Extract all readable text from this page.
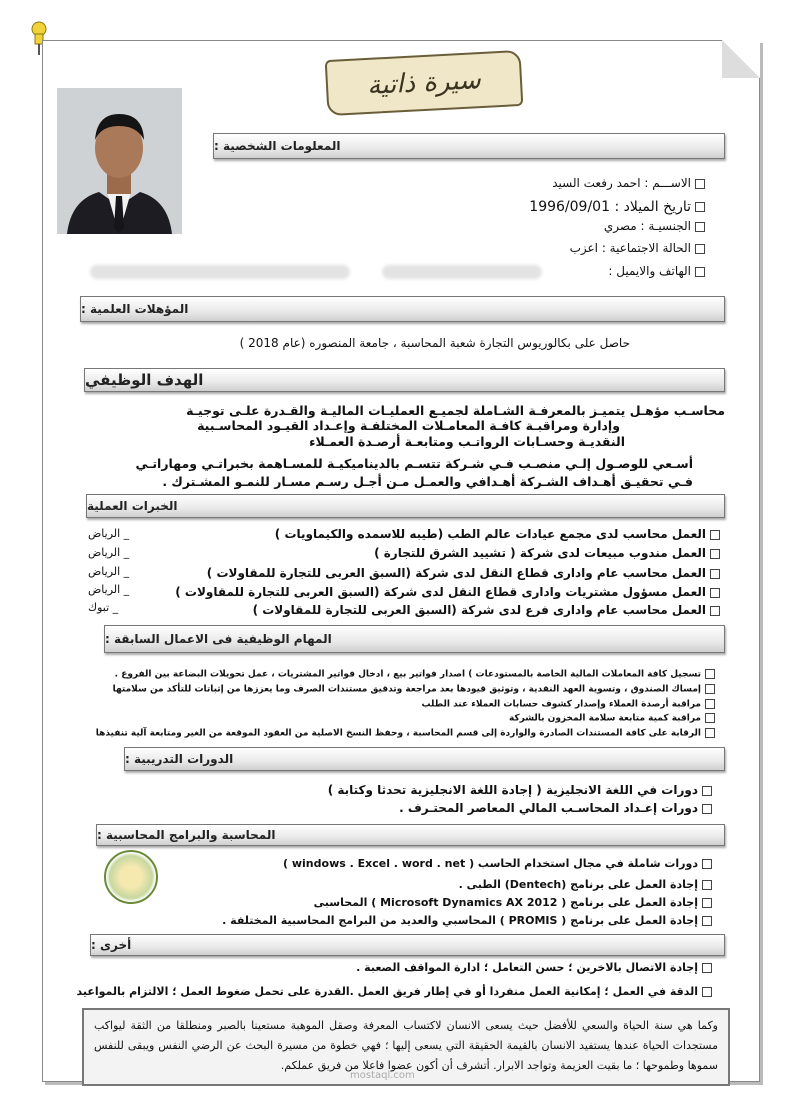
سيرة ذاتية
المعلومات الشخصية :
الاســـم : احمد رفعت السيد
تاريخ الميلاد : 1996/09/01
الجنسيـة : مصري
الحالة الاجتماعية : اعزب
الهاتف والايميل :
المؤهلات العلمية :
حاصل على بكالوريوس التجارة شعبة المحاسبة ، جامعة المنصوره (عام 2018 )
الهدف الوظيفي
محاسـب مؤهـل يتميـز بالمعرفـة الشـاملة لجميـع العمليـات الماليـة والقـدرة علـى توجيـة
وإدارة ومراقبـة كافـة المعامـلات المختلفـة وإعـداد القيـود المحاسـبية
النقديـة وحسـابات الرواتـب ومتابعـة أرصـدة العمـلاء
أسـعي للوصـول إلـي منصـب فـي شـركة تتسـم بالديناميكيـة للمسـاهمة بخبراتـي ومهاراتـي
فـي تحقيـق أهـداف الشـركة أهـدافي والعمـل مـن أجـل رسـم مسـار للنمـو المشـترك .
الخبرات العملية
العمل محاسب لدى مجمع عيادات عالم الطب (طيبه للاسمده والكيماويات )
العمل مندوب مبيعات لدى شركة ( تشييد الشرق للتجارة )
العمل محاسب عام وادارى قطاع النقل لدى شركة (السبق العربى للتجارة للمقاولات )
العمل مسؤول مشتريات وادارى قطاع النقل لدى شركة (السبق العربى للتجارة للمقاولات )
العمل محاسب عام وادارى فرع لدى شركة (السبق العربى للتجارة للمقاولات )
_ الرياض
_ الرياض
_ الرياض
_ الرياض
_ تبوك
المهام الوظيفية فى الاعمال السابقة :
تسجيل كافة المعاملات المالية الخاصة بالمستودعات ) اصدار فواتير بيع ، ادخال فواتير المشتريات ، عمل تحويلات البضاعة بين الفروع .
إمساك الصندوق ، وتسوية العهد النقدية ، وتوثيق قيودها بعد مراجعة وتدقيق مستندات الصرف وما يعززها من إثباتات للتأكد من سلامتها
مراقبة أرصدة العملاء وإصدار كشوف حسابات العملاء عند الطلب
مراقبة كمية متابعة سلامة المخزون بالشركة
الرقابة على كافة المستندات الصادرة والواردة إلى قسم المحاسبة ، وحفظ النسخ الاصلية من العقود الموقعة من الغير ومتابعة آلية تنفيذها
الدورات التدريبية :
دورات في اللغة الانجليزية ( إجادة اللغة الانجليزية تحدثا وكتابة )
دورات إعـداد المحاسـب المالي المعاصر المحتـرف .
المحاسبة والبرامج المحاسبية :
دورات شاملة في مجال استخدام الحاسب ( windows . Excel . word . net )
إجادة العمل على برنامج (Dentech) الطبى .
إجادة العمل على برنامج ( Microsoft Dynamics AX 2012 ) المحاسبى
إجادة العمل على برنامج ( PROMIS ) المحاسبي والعديد من البرامج المحاسبية المختلفة .
أخرى :
إجادة الاتصال بالاخرين ؛ حسن التعامل ؛ ادارة المواقف الصعبة .
الدقة في العمل ؛ إمكانية العمل منفردا أو في إطار فريق العمل .القدرة على تحمل ضغوط العمل ؛ الالتزام بالمواعيد
وكما هي سنة الحياة والسعي للأفضل حيث يسعى الانسان لاكتساب المعرفة وصقل الموهبة مستعينا بالصبر ومنطلقا من الثقة ليواكب مستجدات الحياة عندها يستفيد الانسان بالقيمة الحقيقة التي يسعى إليها ؛ فهي خطوة من مسيرة البحث عن الرضي النفس ويبقى للنفس سموها وطموحها ؛ ما بقيت العزيمة وتواجد الابرار. أتشرف أن أكون عضوا فاعلا من فريق عملكم.
mostaql.com
